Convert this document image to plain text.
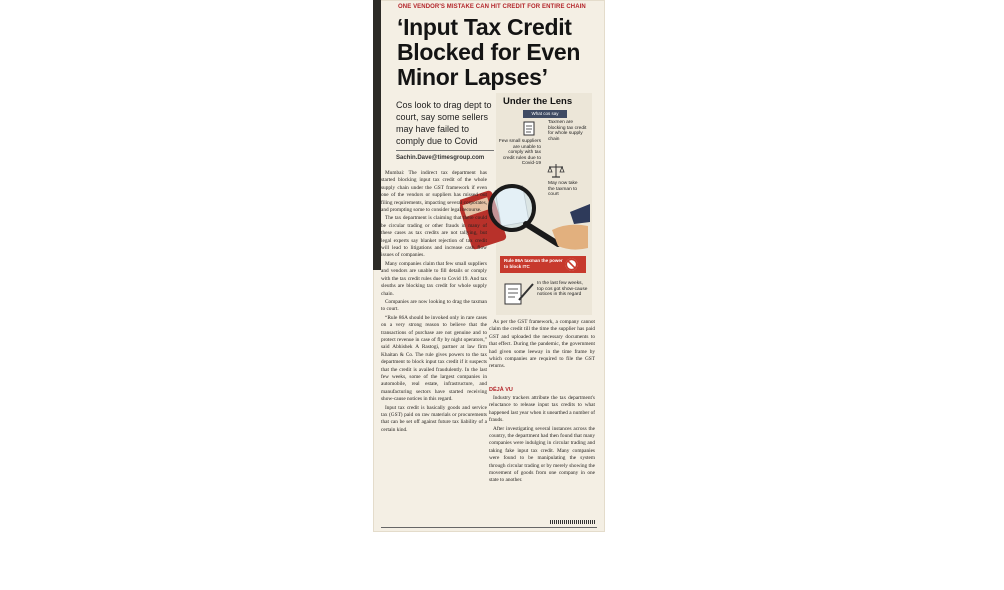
ONE VENDOR'S MISTAKE CAN HIT CREDIT FOR ENTIRE CHAIN
‘Input Tax Credit Blocked for Even Minor Lapses’
Cos look to drag dept to court, say some sellers may have failed to comply due to Covid
Sachin.Dave@timesgroup.com
Under the Lens
What cos say
Few small suppliers are unable to comply with tax credit rules due to Covid-19
Taxmen are blocking tax credit for whole supply chain
May now take the taxman to court
Rule 86A taxman the power to block ITC
In the last few weeks, top cos got show-cause notices in this regard

Mumbai: The indirect tax department has started blocking input tax credit of the whole supply chain under the GST framework if even one of the vendors or suppliers has missed out filing requirements, impacting several corporates, and prompting some to consider legal recourse.

The tax department is claiming that there could be circular trading or other frauds in many of these cases as tax credits are not tallying, but legal experts say blanket rejection of tax credit will lead to litigations and increase cash flow issues of companies.

Many companies claim that few small suppliers and vendors are unable to fill details or comply with the tax credit rules due to Covid 19. And tax sleuths are blocking tax credit for whole supply chain.

Companies are now looking to drag the taxman to court.

“Rule 86A should be invoked only in rare cases on a very strong reason to believe that the transactions of purchase are not genuine and to protect revenue in case of fly by night operators,” said Abhishek A Rastogi, partner at law firm Khaitan & Co. The rule gives powers to the tax department to block input tax credit if it suspects that the credit is availed fraudulently. In the last few weeks, some of the largest companies in automobile, real estate, infrastructure, and manufacturing sectors have started receiving show-cause notices in this regard.

Input tax credit is basically goods and service tax (GST) paid on raw materials or procurements that can be set off against future tax liability of a certain kind.

As per the GST framework, a company cannot claim the credit till the time the supplier has paid GST and uploaded the necessary documents to that effect. During the pandemic, the government had given some leeway in the time frame by which companies are required to file the GST returns.

DÉJÀ VU

Industry trackers attribute the tax department's reluctance to release input tax credits to what happened last year when it unearthed a number of frauds.

After investigating several instances across the country, the department had then found that many companies were indulging in circular trading and taking fake input tax credit. Many companies were found to be manipulating the system through circular trading or by merely showing the movement of goods from one company in one state to another.
